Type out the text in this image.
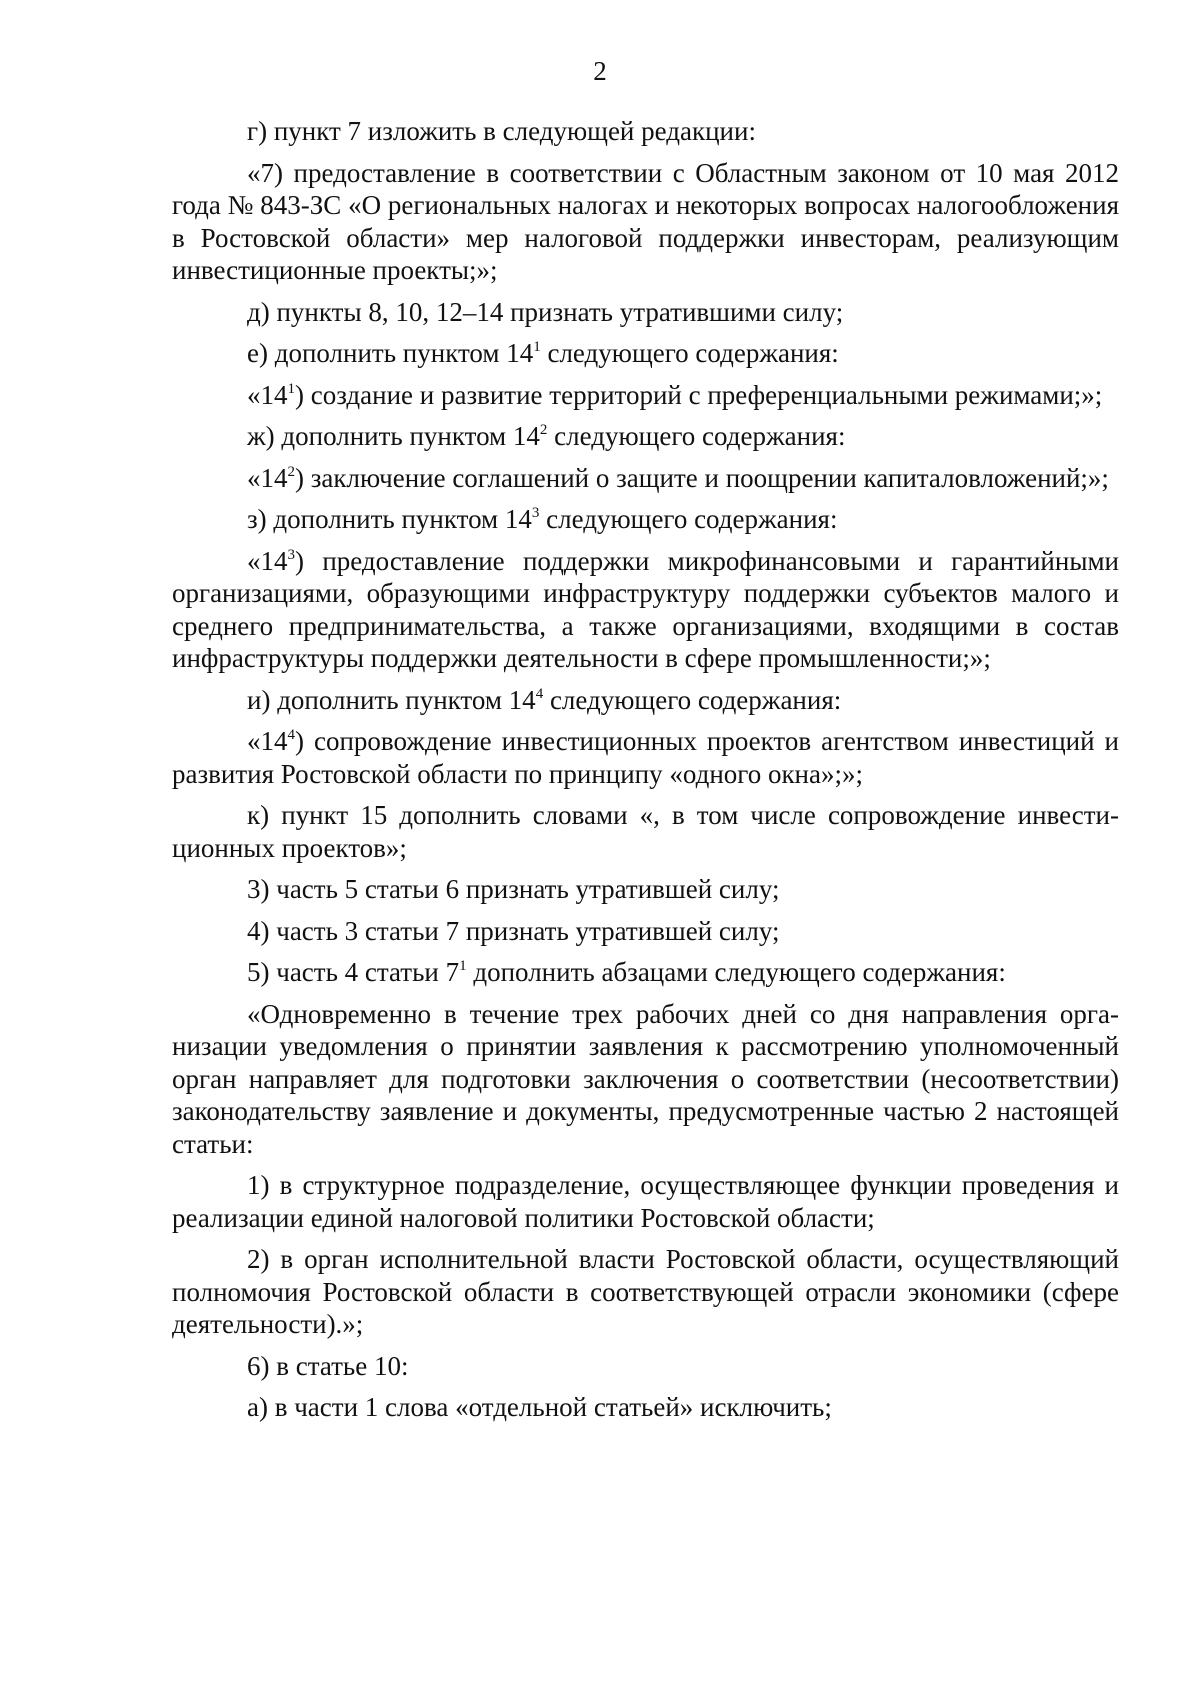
2

г) пункт 7 изложить в следующей редакции:

«7) предоставление в соответствии с Областным законом от 10 мая 2012 года № 843-ЗС «О региональных налогах и некоторых вопросах налогообложения в Ростовской области» мер налоговой поддержки инвесторам, реализующим инвестиционные проекты;»;

д) пункты 8, 10, 12–14 признать утратившими силу;

е) дополнить пунктом $14^1$ следующего содержания:

«$14^1$) создание и развитие территорий с преференциальными режимами;»;

ж) дополнить пунктом $14^2$ следующего содержания:

«$14^2$) заключение соглашений о защите и поощрении капиталовложений;»;

з) дополнить пунктом $14^3$ следующего содержания:

«$14^3$) предоставление поддержки микрофинансовыми и гарантийными организациями, образующими инфраструктуру поддержки субъектов малого и среднего предпринимательства, а также организациями, входящими в состав инфраструктуры поддержки деятельности в сфере промышленности;»;

и) дополнить пунктом $14^4$ следующего содержания:

«$14^4$) сопровождение инвестиционных проектов агентством инвестиций и развития Ростовской области по принципу «одного окна»;»;

к) пункт 15 дополнить словами «, в том числе сопровождение инвестиционных проектов»;

3) часть 5 статьи 6 признать утратившей силу;

4) часть 3 статьи 7 признать утратившей силу;

5) часть 4 статьи $7^1$ дополнить абзацами следующего содержания:

«Одновременно в течение трех рабочих дней со дня направления организации уведомления о принятии заявления к рассмотрению уполномоченный орган направляет для подготовки заключения о соответствии (несоответствии) законодательству заявление и документы, предусмотренные частью 2 настоящей статьи:

1) в структурное подразделение, осуществляющее функции проведения и реализации единой налоговой политики Ростовской области;

2) в орган исполнительной власти Ростовской области, осуществляющий полномочия Ростовской области в соответствующей отрасли экономики (сфере деятельности).»;

6) в статье 10:

а) в части 1 слова «отдельной статьей» исключить;
